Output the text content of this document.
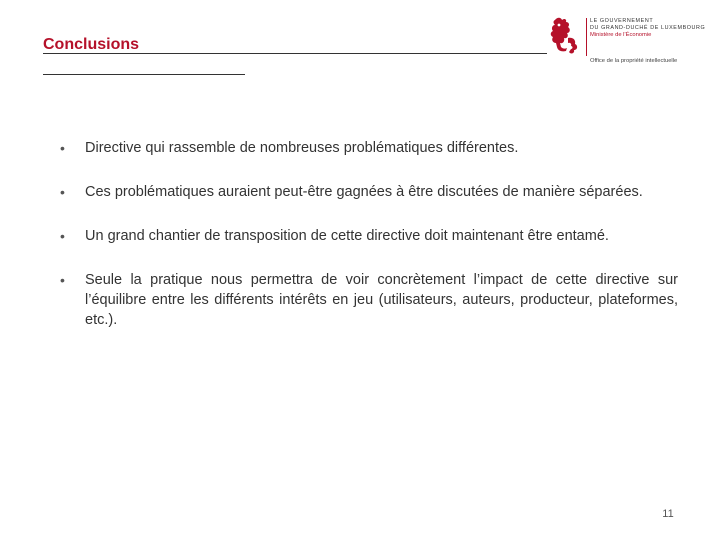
Conclusions
LE GOUVERNEMENT
DU GRAND-DUCHÉ DE LUXEMBOURG
Ministère de l'Économie
Office de la propriété intellectuelle
• Directive qui rassemble de nombreuses problématiques différentes.
• Ces problématiques auraient peut-être gagnées à être discutées de manière séparées.
• Un grand chantier de transposition de cette directive doit maintenant être entamé.
• Seule la pratique nous permettra de voir concrètement l’impact de cette directive sur l’équilibre entre les différents intérêts en jeu (utilisateurs, auteurs, producteur, plateformes, etc.).
11
